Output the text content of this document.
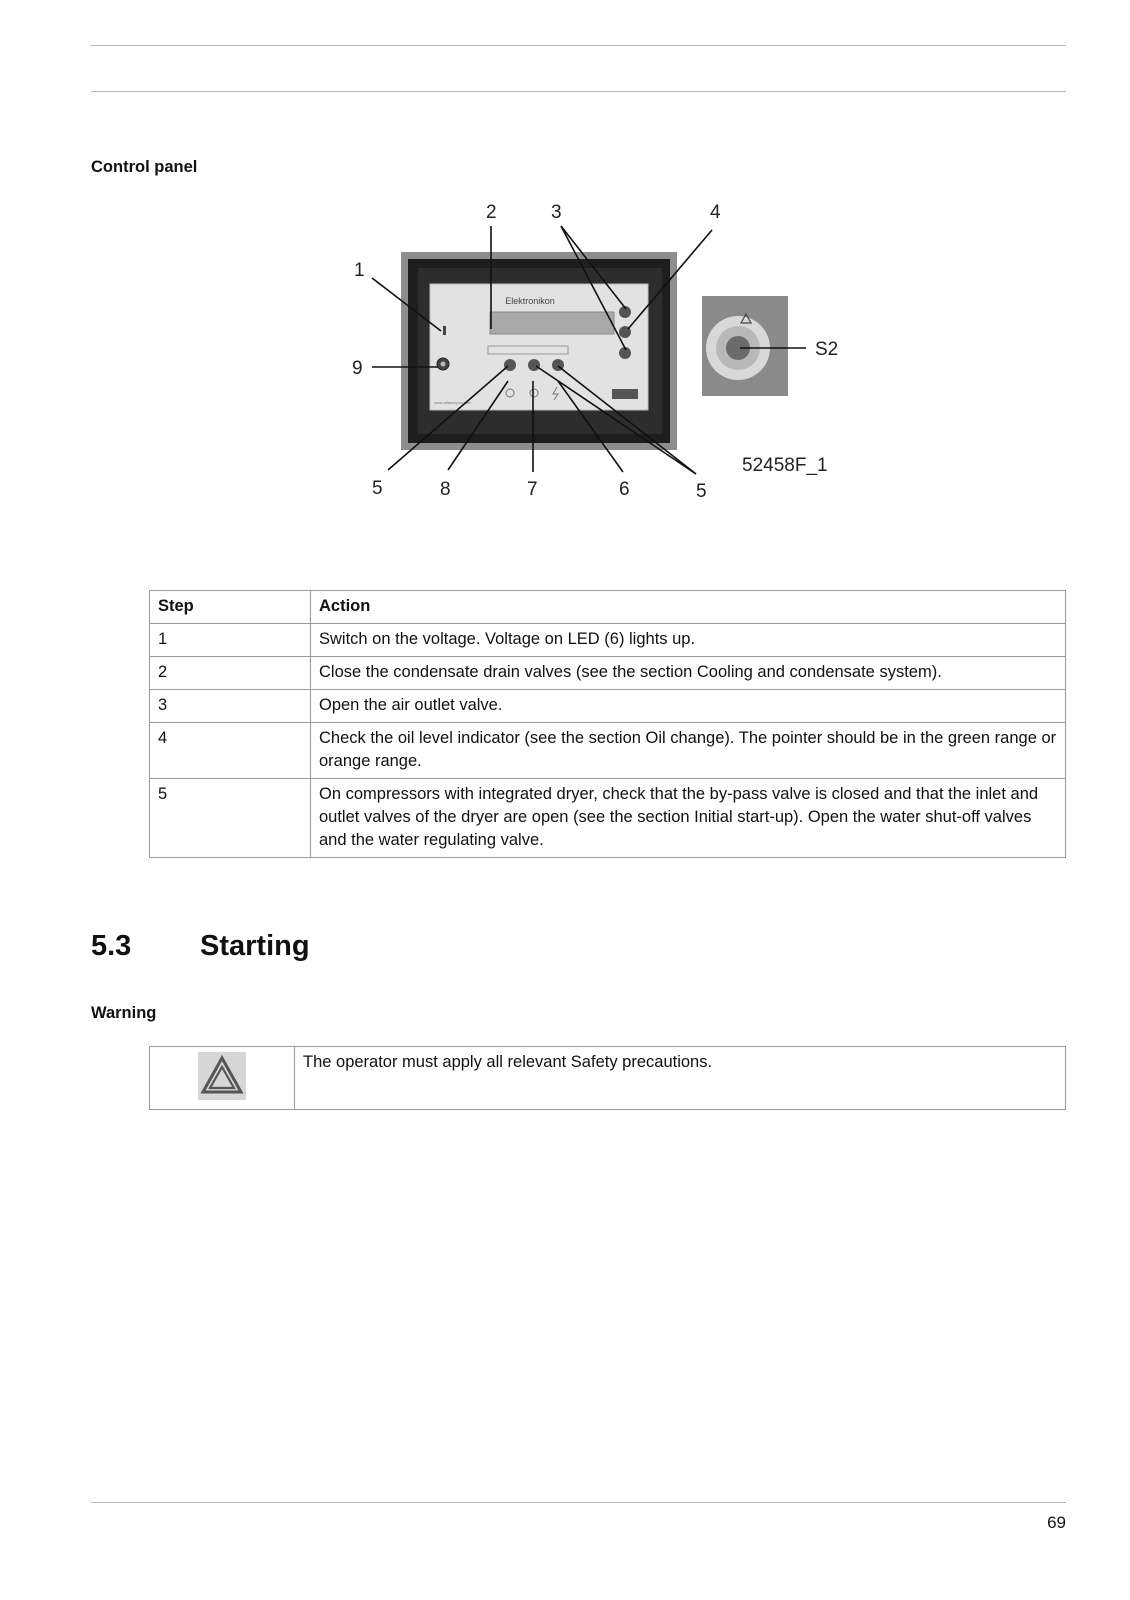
Control panel
Elektronikon
www.atlascopco.com
2	3	4
1
9
S2
52458F_1
5	8	7	6	5
Step	Action
1	Switch on the voltage. Voltage on LED (6) lights up.
2	Close the condensate drain valves (see the section Cooling and condensate system).
3	Open the air outlet valve.
4	Check the oil level indicator (see the section Oil change). The pointer should be in the green range or orange range.
5	On compressors with integrated dryer, check that the by-pass valve is closed and that the inlet and outlet valves of the dryer are open (see the section Initial start-up). Open the water shut-off valves and the water regulating valve.
5.3 Starting
Warning
	The operator must apply all relevant Safety precautions.
69
